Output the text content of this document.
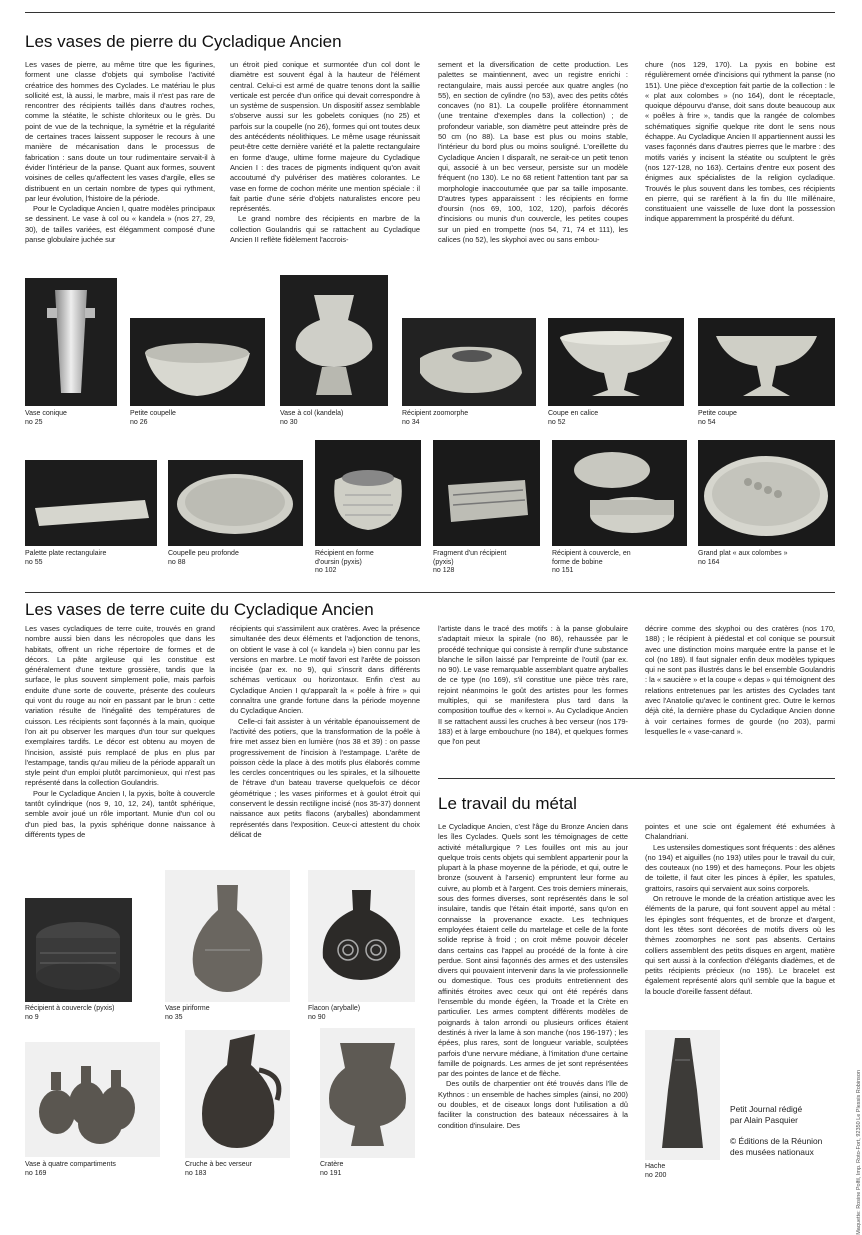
Les vases de pierre du Cycladique Ancien

Les vases de pierre, au même titre que les figurines, forment une classe d'objets qui symbolise l'activité créatrice des hommes des Cyclades. Le matériau le plus sollicité est, là aussi, le marbre, mais il n'est pas rare de rencontrer des récipients taillés dans d'autres roches, comme la stéatite, le schiste chloriteux ou le grès. Du point de vue de la technique, la symétrie et la régularité de certaines traces laissent supposer le recours à une manière de mécanisation dans le processus de fabrication : sans doute un tour rudimentaire servait-il à évider l'intérieur de la panse. Quant aux formes, souvent voisines de celles qu'affectent les vases d'argile, elles se distribuent en un certain nombre de types qui rythment, par leur évolution, l'histoire de la période.

Pour le Cycladique Ancien I, quatre modèles principaux se dessinent. Le vase à col ou « kandela » (nos 27, 29, 30), de tailles variées, est élégamment composé d'une panse globulaire juchée sur

un étroit pied conique et surmontée d'un col dont le diamètre est souvent égal à la hauteur de l'élément central. Celui-ci est armé de quatre tenons dont la saillie verticale est percée d'un orifice qui devait correspondre à un système de suspension. Un dispositif assez semblable s'observe aussi sur les gobelets coniques (no 25) et parfois sur la coupelle (no 26), formes qui ont toutes deux des antécédents néolithiques. Le même usage réunissait peut-être cette dernière variété et la palette rectangulaire en forme d'auge, ultime forme majeure du Cycladique Ancien I : des traces de pigments indiquent qu'on avait accoutumé d'y pulvériser des matières colorantes. Le vase en forme de cochon mérite une mention spéciale : il fait partie d'une série d'objets naturalistes encore peu représentés.

Le grand nombre des récipients en marbre de la collection Goulandris qui se rattachent au Cycladique Ancien II reflète fidèlement l'accrois-

sement et la diversification de cette production. Les palettes se maintiennent, avec un registre enrichi : rectangulaire, mais aussi percée aux quatre angles (no 55), en section de cylindre (no 53), avec des petits côtés concaves (no 81). La coupelle prolifère étonnamment (une trentaine d'exemples dans la collection) ; de profondeur variable, son diamètre peut atteindre près de 50 cm (no 88). La base est plus ou moins stable, l'intérieur du bord plus ou moins souligné. L'oreillette du Cycladique Ancien I disparaît, ne serait-ce un petit tenon qui, associé à un bec verseur, persiste sur un modèle fréquent (no 130). Le no 68 retient l'attention tant par sa morphologie inaccoutumée que par sa taille imposante. D'autres types apparaissent : les récipients en forme d'oursin (nos 69, 100, 102, 120), parfois décorés d'incisions ou munis d'un couvercle, les petites coupes sur un pied en trompette (nos 54, 71, 74 et 111), les calices (no 52), les skyphoi avec ou sans embou-

chure (nos 129, 170). La pyxis en bobine est régulièrement ornée d'incisions qui rythment la panse (no 151). Une pièce d'exception fait partie de la collection : le « plat aux colombes » (no 164), dont le réceptacle, quoique dépourvu d'anse, doit sans doute beaucoup aux « poêles à frire », tandis que la rangée de colombes schématiques signifie quelque rite dont le sens nous échappe. Au Cycladique Ancien II appartiennent aussi les vases façonnés dans d'autres pierres que le marbre : des motifs variés y incisent la stéatite ou sculptent le grès (nos 127-128, no 163). Certains d'entre eux posent des énigmes aux spécialistes de la religion cycladique. Trouvés le plus souvent dans les tombes, ces récipients en pierre, qui se raréfient à la fin du IIIe millénaire, constituaient une vaisselle de luxe dont la possession indique apparemment la prospérité du défunt.

Vase conique
no 25
Petite coupelle
no 26
Vase à col (kandela)
no 30
Récipient zoomorphe
no 34
Coupe en calice
no 52
Petite coupe
no 54
Palette plate rectangulaire
no 55
Coupelle peu profonde
no 88
Récipient en forme d'oursin (pyxis)
no 102
Fragment d'un récipient (pyxis)
no 128
Récipient à couvercle, en forme de bobine
no 151
Grand plat « aux colombes »
no 164
Les vases de terre cuite du Cycladique Ancien

Les vases cycladiques de terre cuite, trouvés en grand nombre aussi bien dans les nécropoles que dans les habitats, offrent un riche répertoire de formes et de décors. La pâte argileuse qui les constitue est généralement d'une texture grossière, tandis que la surface, le plus souvent simplement polie, mais parfois enduite d'une sorte de couverte, présente des couleurs qui vont du rouge au noir en passant par le brun : cette variation résulte de l'inégalité des températures de cuisson. Les récipients sont façonnés à la main, quoique l'on ait pu observer les marques d'un tour sur quelques exemplaires tardifs. Le décor est obtenu au moyen de l'incision, assisté puis remplacé de plus en plus par l'estampage, tandis qu'au milieu de la période apparaît un style peint d'un emploi plutôt parcimonieux, qui n'est pas représenté dans la collection Goulandris.

Pour le Cycladique Ancien I, la pyxis, boîte à couvercle tantôt cylindrique (nos 9, 10, 12, 24), tantôt sphérique, semble avoir joué un rôle important. Munie d'un col ou d'un pied bas, la pyxis sphérique donne naissance à différents types de

récipients qui s'assimilent aux cratères. Avec la présence simultanée des deux éléments et l'adjonction de tenons, on obtient le vase à col (« kandela ») bien connu par les versions en marbre. Le motif favori est l'arête de poisson incisée (par ex. no 9), qui s'inscrit dans différents schémas verticaux ou horizontaux. Enfin c'est au Cycladique Ancien I qu'apparaît la « poêle à frire » qui connaîtra une grande fortune dans la période moyenne du Cycladique Ancien.

Celle-ci fait assister à un véritable épanouissement de l'activité des potiers, que la transformation de la poêle à frire met assez bien en lumière (nos 38 et 39) : on passe progressivement de l'incision à l'estampage. L'arête de poisson cède la place à des motifs plus élaborés comme les cercles concentriques ou les spirales, et la silhouette de l'étrave d'un bateau traverse quelquefois ce décor géométrique ; les vases piriformes et à goulot étroit qui conservent le dessin rectiligne incisé (nos 35-37) donnent naissance aux petits flacons (aryballes) abondamment représentés dans l'exposition. Ceux-ci attestent du choix délicat de

l'artiste dans le tracé des motifs : à la panse globulaire s'adaptait mieux la spirale (no 86), rehaussée par le procédé technique qui consiste à remplir d'une substance blanche le sillon laissé par l'empreinte de l'outil (par ex. no 90). Le vase remarquable assemblant quatre aryballes de ce type (no 169), s'il constitue une pièce très rare, rejoint néanmoins le goût des artistes pour les formes multiples, qui se manifestera plus tard dans la composition touffue des « kernoi ». Au Cycladique Ancien II se rattachent aussi les cruches à bec verseur (nos 179-183) et à large embouchure (no 184), et quelques formes que l'on peut

décrire comme des skyphoi ou des cratères (nos 170, 188) ; le récipient à piédestal et col conique se poursuit avec une distinction moins marquée entre la panse et le col (no 189). Il faut signaler enfin deux modèles typiques qui ne sont pas illustrés dans le bel ensemble Goulandris : la « saucière » et la coupe « depas » qui témoignent des relations entretenues par les artistes des Cyclades tant avec l'Anatolie qu'avec le continent grec. Outre le kernos déjà cité, la dernière phase du Cycladique Ancien donne à voir certaines formes de gourde (no 203), parmi lesquelles le « vase-canard ».

Le travail du métal

Le Cycladique Ancien, c'est l'âge du Bronze Ancien dans les îles Cyclades. Quels sont les témoignages de cette activité métallurgique ? Les fouilles ont mis au jour quelque trois cents objets qui semblent appartenir pour la plupart à la phase moyenne de la période, et qui, outre le bronze (souvent à l'arsenic) empruntent leur forme au cuivre, au plomb et à l'argent. Ces trois derniers minerais, sous des formes diverses, sont représentés dans le sol insulaire, tandis que l'étain était importé, sans qu'on en connaisse la provenance exacte. Les techniques employées étaient celle du martelage et celle de la fonte solide reprise à froid ; on croit même pouvoir déceler dans certains cas l'appel au procédé de la fonte à cire perdue. Sont ainsi façonnés des armes et des ustensiles divers qui pouvaient intervenir dans la vie professionnelle ou domestique. Tous ces produits entretiennent des affinités étroites avec ceux qui ont été repérés dans l'ensemble du monde égéen, la Troade et la Crète en particulier. Les armes comptent différents modèles de poignards à talon arrondi ou plusieurs orifices étaient destinés à river la lame à son manche (nos 196-197) ; les épées, plus rares, sont de longueur variable, sculptées parfois d'une nervure médiane, à l'imitation d'une certaine famille de poignards. Les armes de jet sont représentées par des pointes de lance et de flèche.

Des outils de charpentier ont été trouvés dans l'île de Kythnos : un ensemble de haches simples (ainsi, no 200) ou doubles, et de ciseaux longs dont l'utilisation a dû faciliter la construction des bateaux nécessaires à la condition d'insulaire. Des

pointes et une scie ont également été exhumées à Chalandriani.

Les ustensiles domestiques sont fréquents : des alênes (no 194) et aiguilles (no 193) utiles pour le travail du cuir, des couteaux (no 199) et des hameçons. Pour les objets de toilette, il faut citer les pinces à épiler, les spatules, grattoirs, rasoirs qui servaient aux soins corporels.

On retrouve le monde de la création artistique avec les éléments de la parure, qui font souvent appel au métal : les épingles sont fréquentes, et de bronze et d'argent, dont les têtes sont décorées de motifs divers où les thèmes zoomorphes ne sont pas absents. Certains colliers assemblent des petits disques en argent, matière qui sert aussi à la confection d'élégants diadèmes, et de petits récipients précieux (no 195). Le bracelet est également représenté alors qu'il semble que la bague et la boucle d'oreille fassent défaut.

Récipient à couvercle (pyxis)
no 9
Vase piriforme
no 35
Flacon (aryballe)
no 90
Vase à quatre compartiments
no 169
Cruche à bec verseur
no 183
Cratère
no 191
Hache
no 200
Petit Journal rédigé
par Alain Pasquier
© Éditions de la Réunion
des musées nationaux	Maquette: Rosine Polfil, Imp. Roto-Fort, 92350 Le Plessis Robinson
